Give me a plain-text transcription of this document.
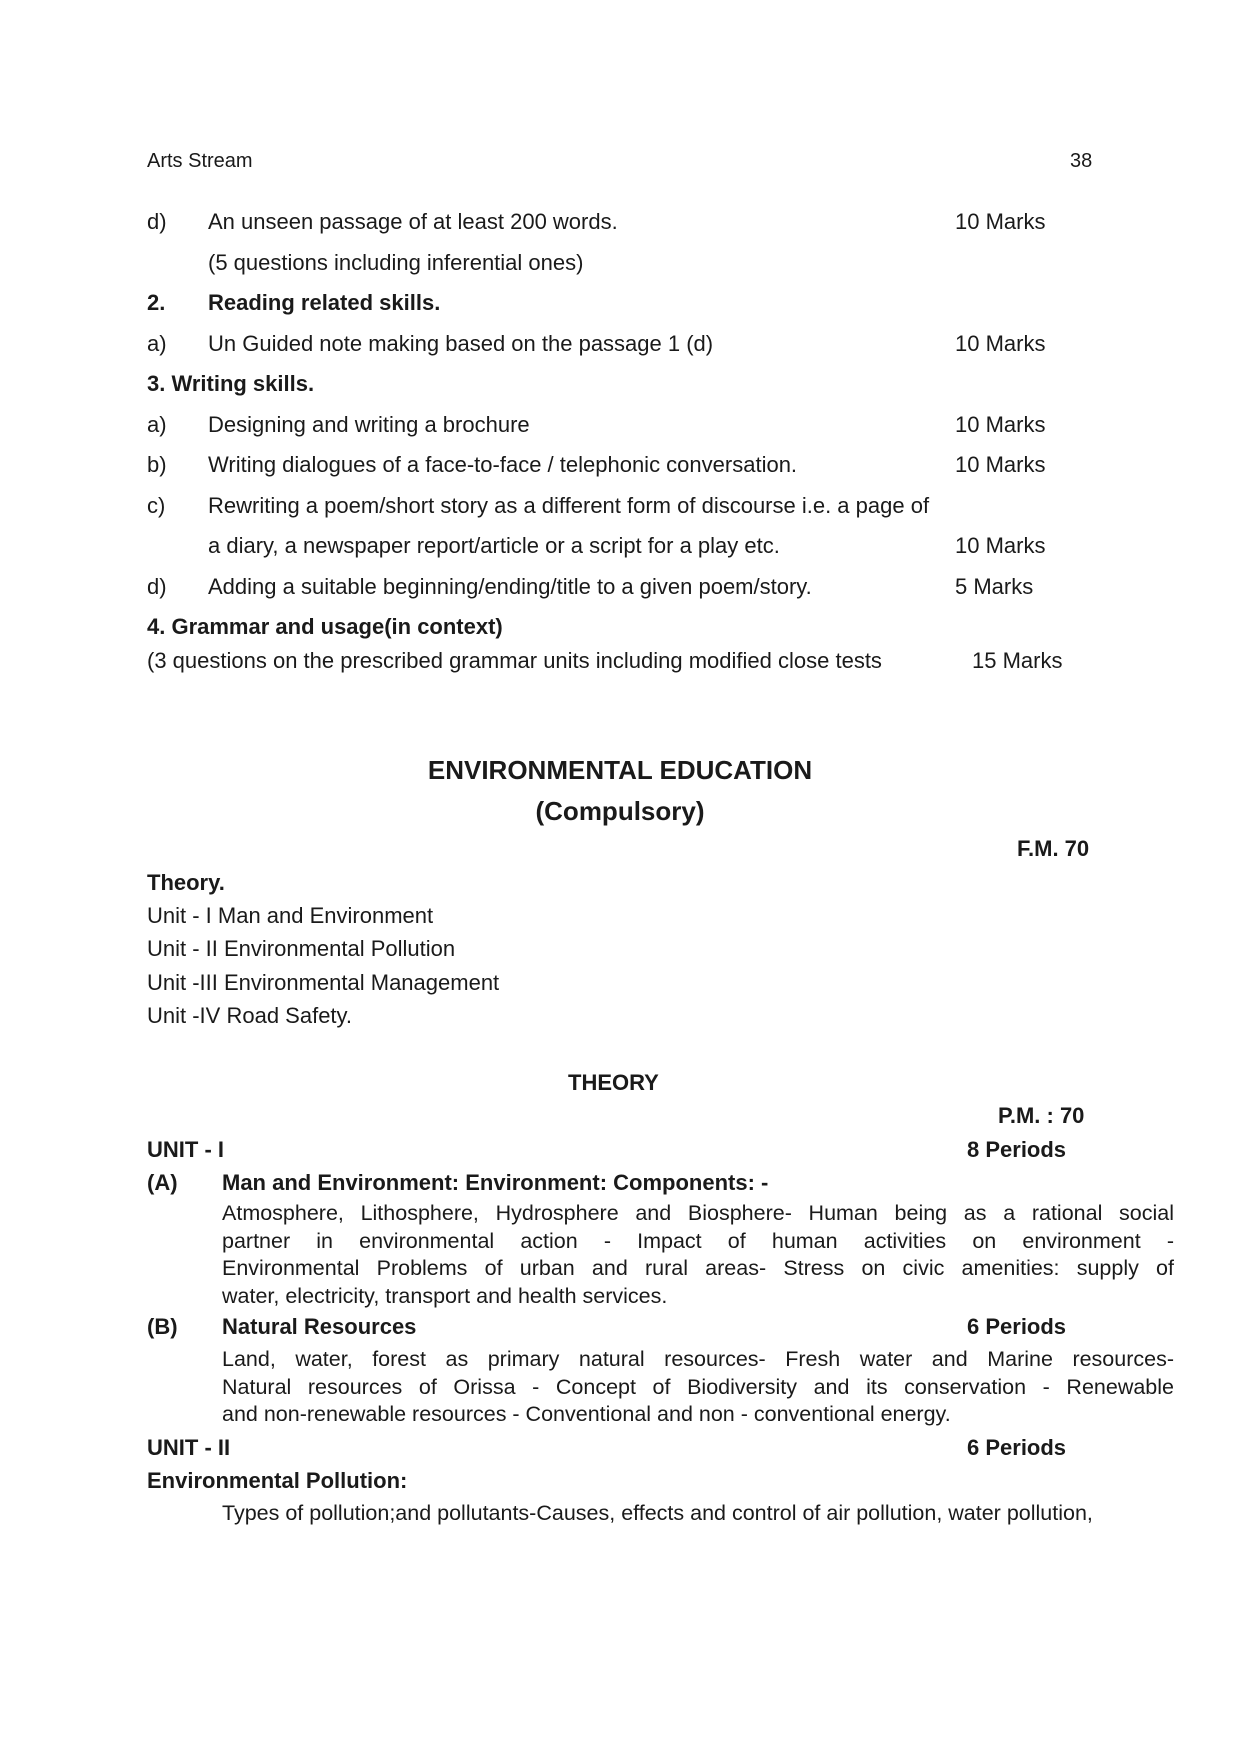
Arts Stream	38
d) An unseen passage of at least 200 words.	10 Marks
(5 questions including inferential ones)
2. Reading related skills.
a) Un Guided note making based on the passage 1 (d)	10 Marks
3. Writing skills.
a) Designing and writing a brochure	10 Marks
b) Writing dialogues of a face-to-face / telephonic conversation.	10 Marks
c) Rewriting a poem/short story as a different form of discourse i.e. a page of
a diary, a newspaper report/article or a script for a play etc.	10 Marks
d) Adding a suitable beginning/ending/title to a given poem/story.	5 Marks
4. Grammar and usage(in context)
(3 questions on the prescribed grammar units including modified close tests	15 Marks
ENVIRONMENTAL EDUCATION
(Compulsory)
F.M. 70
Theory.
Unit - I Man and Environment
Unit - II Environmental Pollution
Unit -III Environmental Management
Unit -IV Road Safety.
THEORY
P.M. : 70
UNIT - I	8 Periods
(A) Man and Environment: Environment: Components: -
Atmosphere, Lithosphere, Hydrosphere and Biosphere- Human being as a rational social
partner in environmental action - Impact of human activities on environment -
Environmental Problems of urban and rural areas- Stress on civic amenities: supply of
water, electricity, transport and health services.
(B) Natural Resources	6 Periods
Land, water, forest as primary natural resources- Fresh water and Marine resources-
Natural resources of Orissa - Concept of Biodiversity and its conservation - Renewable
and non-renewable resources - Conventional and non - conventional energy.
UNIT - II	6 Periods
Environmental Pollution:
Types of pollution;and pollutants-Causes, effects and control of air pollution, water pollution,
